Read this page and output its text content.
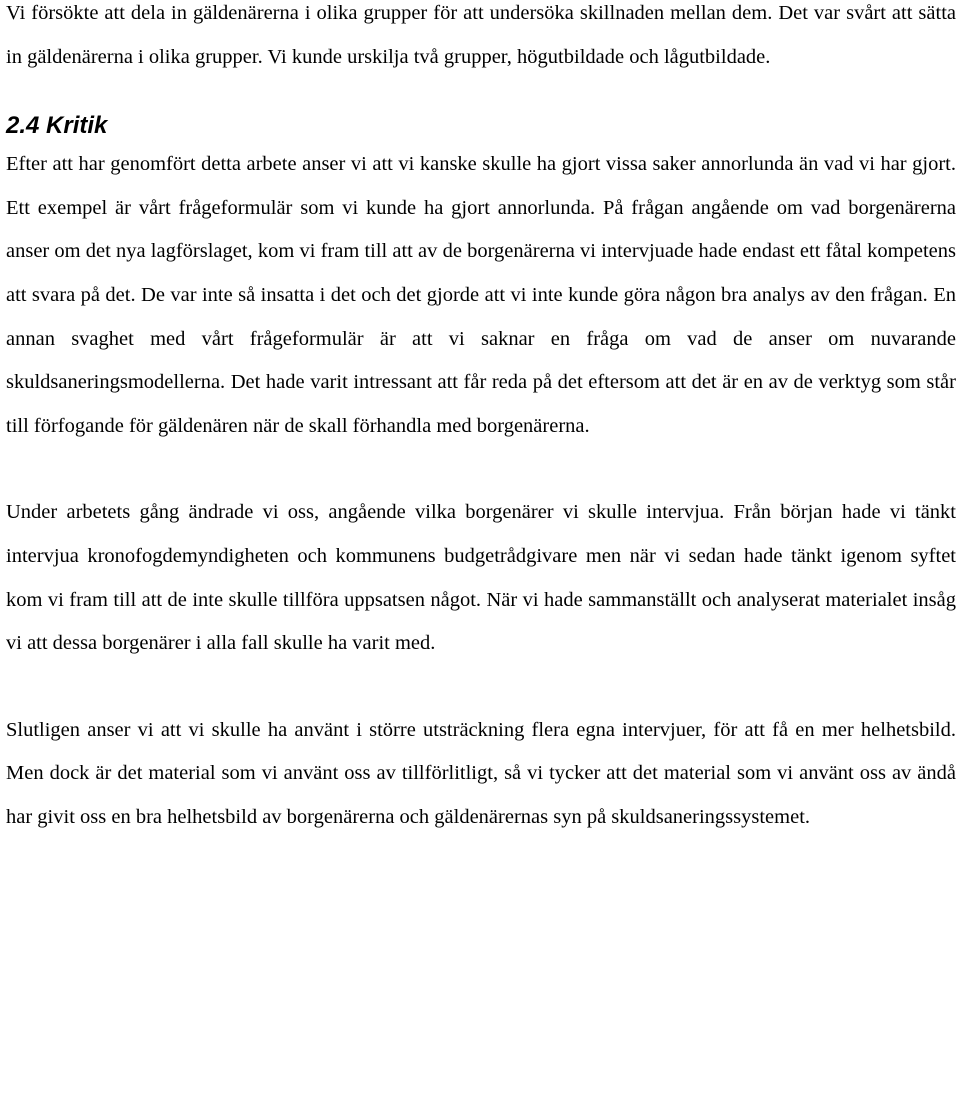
Vi försökte att dela in gäldenärerna i olika grupper för att undersöka skillnaden mellan dem. Det var svårt att sätta in gäldenärerna i olika grupper. Vi kunde urskilja två grupper, högutbildade och lågutbildade.

2.4 Kritik

Efter att har genomfört detta arbete anser vi att vi kanske skulle ha gjort vissa saker annorlunda än vad vi har gjort. Ett exempel är vårt frågeformulär som vi kunde ha gjort annorlunda. På frågan angående om vad borgenärerna anser om det nya lagförslaget, kom vi fram till att av de borgenärerna vi intervjuade hade endast ett fåtal kompetens att svara på det. De var inte så insatta i det och det gjorde att vi inte kunde göra någon bra analys av den frågan. En annan svaghet med vårt frågeformulär är att vi saknar en fråga om vad de anser om nuvarande skuldsaneringsmodellerna. Det hade varit intressant att får reda på det eftersom att det är en av de verktyg som står till förfogande för gäldenären när de skall förhandla med borgenärerna.

Under arbetets gång ändrade vi oss, angående vilka borgenärer vi skulle intervjua. Från början hade vi tänkt intervjua kronofogdemyndigheten och kommunens budgetrådgivare men när vi sedan hade tänkt igenom syftet kom vi fram till att de inte skulle tillföra uppsatsen något. När vi hade sammanställt och analyserat materialet insåg vi att dessa borgenärer i alla fall skulle ha varit med.

Slutligen anser vi att vi skulle ha använt i större utsträckning flera egna intervjuer, för att få en mer helhetsbild. Men dock är det material som vi använt oss av tillförlitligt, så vi tycker att det material som vi använt oss av ändå har givit oss en bra helhetsbild av borgenärerna och gäldenärernas syn på skuldsaneringssystemet.
